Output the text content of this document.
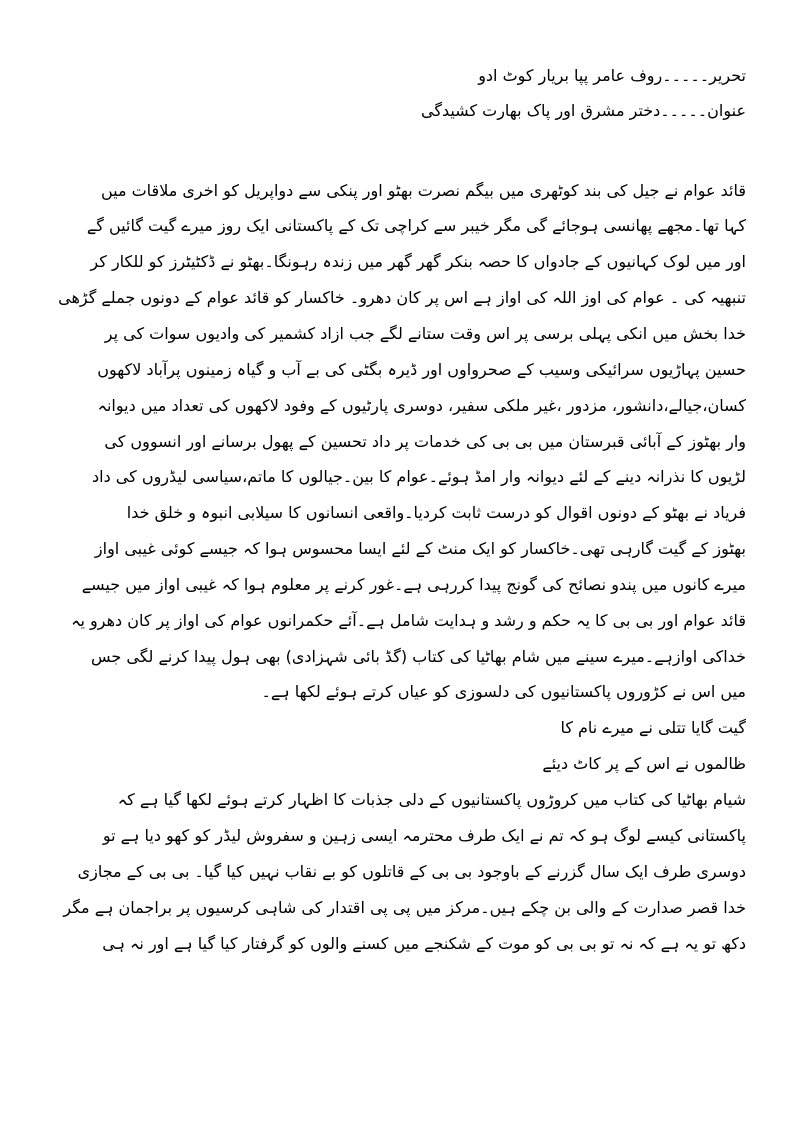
تحریر۔۔۔۔۔روف عامر پپا بریار کوٹ ادو

عنوان۔۔۔۔۔دختر مشرق اور پاک بھارت کشیدگی

قائد عوام نے جیل کی بند کوٹھری میں بیگم نصرت بھٹو اور پنکی سے دواپریل کو اخری ملاقات میں

کہا تھا۔مجھے پھانسی ہوجائے گی مگر خیبر سے کراچی تک کے پاکستانی ایک روز میرے گیت گائیں گے

اور میں لوک کہانیوں کے جادواں کا حصہ بنکر گھر گھر میں زندہ رہونگا۔بھٹو نے ڈکٹیٹرز کو للکار کر

تنبھیہ کی ۔ عوام کی اوز اللہ کی اواز ہے اس پر کان دھرو۔ خاکسار کو قائد عوام کے دونوں جملے گڑھی

خدا بخش میں انکی پہلی برسی پر اس وقت ستانے لگے جب ازاد کشمیر کی وادیوں سوات کی پر

حسین پہاڑیوں سرائیکی وسیب کے صحرواوں اور ڈیرہ بگٹی کی بے آب و گیاہ زمینوں پرآباد لاکھوں

کسان،جیالے،دانشور، مزدور ،غیر ملکی سفیر، دوسری پارٹیوں کے وفود لاکھوں کی تعداد میں دیوانہ

وار بھٹوز کے آبائی قبرستان میں بی بی کی خدمات پر داد تحسین کے پھول برسانے اور انسووں کی

لڑیوں کا نذرانہ دینے کے لئے دیوانہ وار امڈ ہوئے۔عوام کا بین۔جیالوں کا ماتم،سیاسی لیڈروں کی داد

فریاد نے بھٹو کے دونوں اقوال کو درست ثابت کردیا۔واقعی انسانوں کا سیلابی انبوہ و خلق خدا

بھٹوز کے گیت گارہی تھی۔خاکسار کو ایک منٹ کے لئے ایسا محسوس ہوا کہ جیسے کوئی غیبی اواز

میرے کانوں میں پندو نصائح کی گونج پیدا کررہی ہے۔غور کرنے پر معلوم ہوا کہ غیبی اواز میں جیسے

قائد عوام اور بی بی کا یہ حکم و رشد و ہدایت شامل ہے۔آئے حکمرانوں عوام کی اواز پر کان دھرو یہ

خداکی اوازہے۔میرے سینے میں شام بھاٹیا کی کتاب (گڈ بائی شہزادی) بھی ہول پیدا کرنے لگی جس

میں اس نے کڑوروں پاکستانیوں کی دلسوزی کو عیاں کرتے ہوئے لکھا ہے۔

گیت گایا تتلی نے میرے نام کا

ظالموں نے اس کے پر کاٹ دیئے

شیام بھاٹیا کی کتاب میں کروڑوں پاکستانیوں کے دلی جذبات کا اظہار کرتے ہوئے لکھا گیا ہے کہ

پاکستانی کیسے لوگ ہو کہ تم نے ایک طرف محترمہ ایسی زہین و سفروش لیڈر کو کھو دیا ہے تو

دوسری طرف ایک سال گزرنے کے باوجود بی بی کے قاتلوں کو بے نقاب نہیں کیا گیا۔ بی بی کے مجازی

خدا قصر صدارت کے والی بن چکے ہیں۔مرکز میں پی پی اقتدار کی شاہی کرسیوں پر براجمان ہے مگر

دکھ تو یہ ہے کہ نہ تو بی بی کو موت کے شکنجے میں کسنے والوں کو گرفتار کیا گیا ہے اور نہ ہی
